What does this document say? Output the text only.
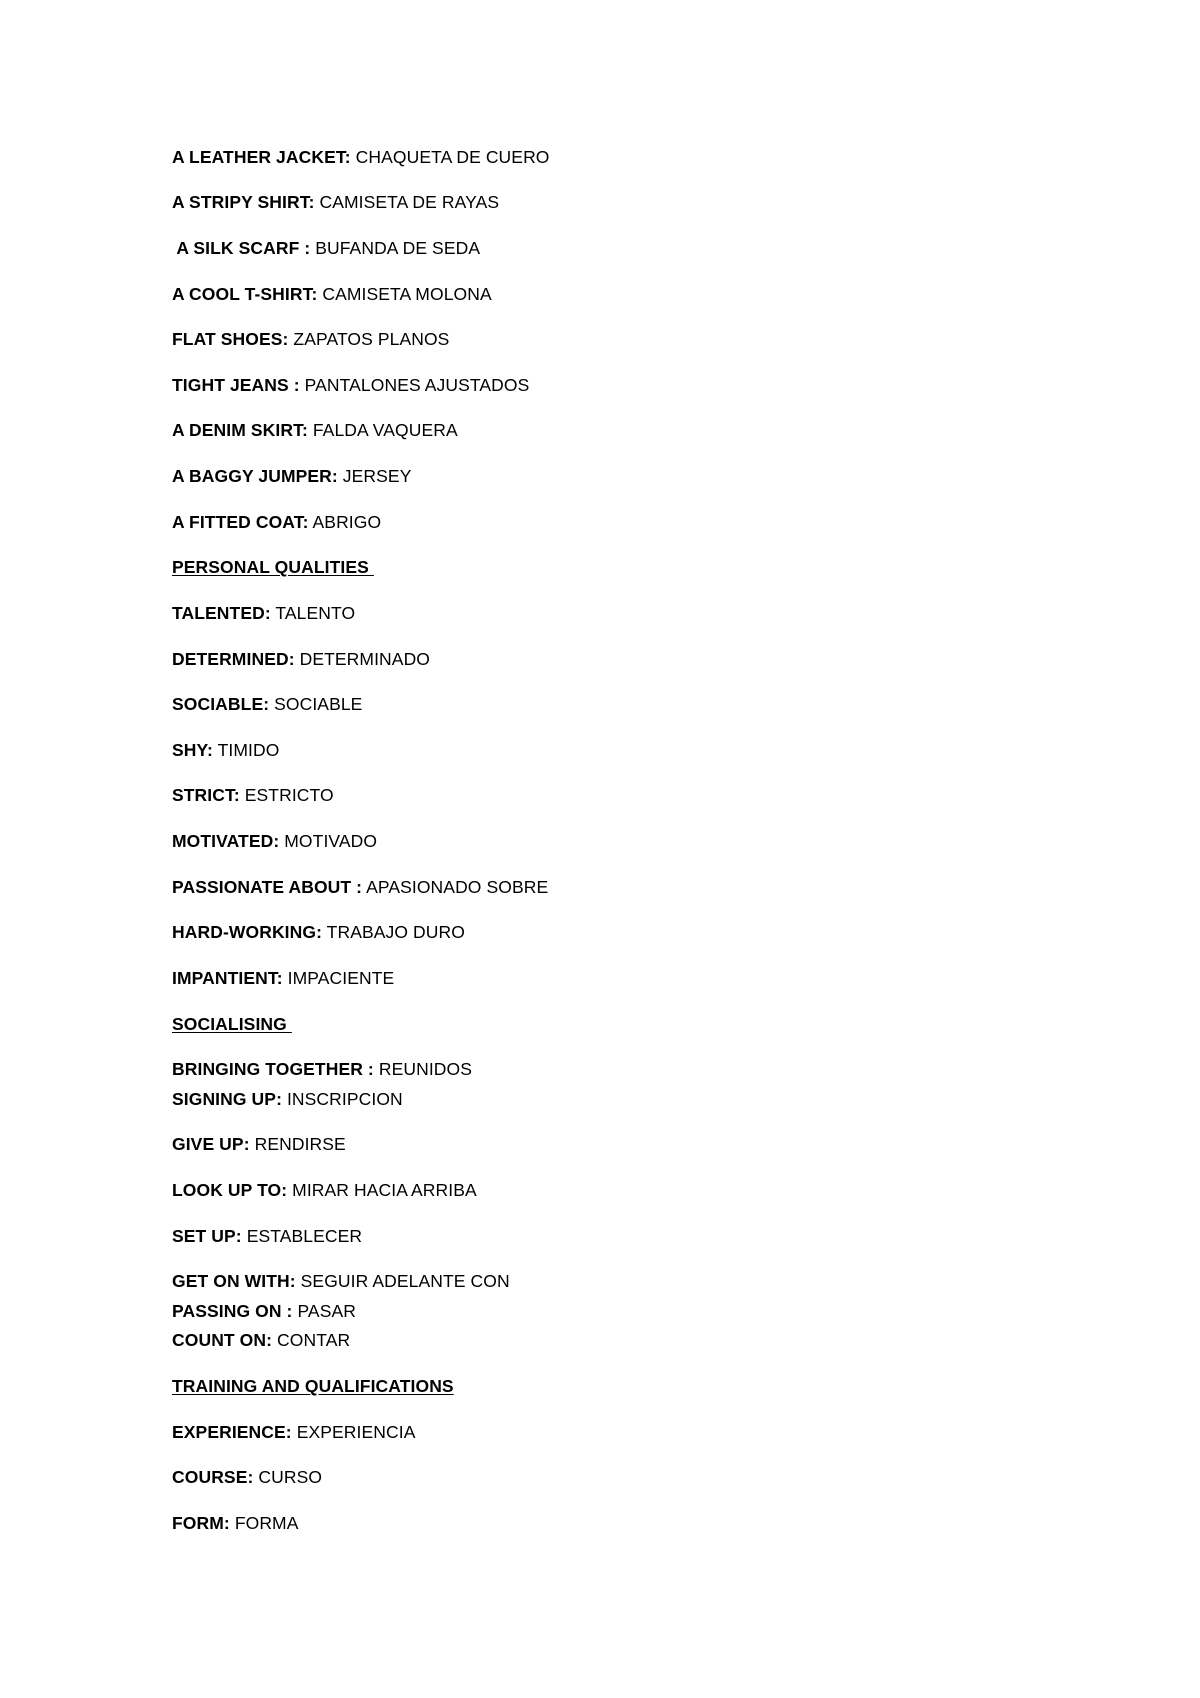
A LEATHER JACKET: CHAQUETA DE CUERO
A STRIPY SHIRT: CAMISETA DE RAYAS
A SILK SCARF : BUFANDA DE SEDA
A COOL T-SHIRT: CAMISETA MOLONA
FLAT SHOES: ZAPATOS PLANOS
TIGHT JEANS : PANTALONES AJUSTADOS
A DENIM SKIRT: FALDA VAQUERA
A BAGGY JUMPER: JERSEY
A FITTED COAT: ABRIGO
PERSONAL QUALITIES
TALENTED: TALENTO
DETERMINED: DETERMINADO
SOCIABLE: SOCIABLE
SHY: TIMIDO
STRICT: ESTRICTO
MOTIVATED: MOTIVADO
PASSIONATE ABOUT : APASIONADO SOBRE
HARD-WORKING: TRABAJO DURO
IMPANTIENT: IMPACIENTE
SOCIALISING
BRINGING TOGETHER : REUNIDOS
SIGNING UP: INSCRIPCION
GIVE UP: RENDIRSE
LOOK UP TO: MIRAR HACIA ARRIBA
SET UP: ESTABLECER
GET ON WITH: SEGUIR ADELANTE CON
PASSING ON : PASAR
COUNT ON: CONTAR
TRAINING AND QUALIFICATIONS
EXPERIENCE: EXPERIENCIA
COURSE: CURSO
FORM: FORMA
